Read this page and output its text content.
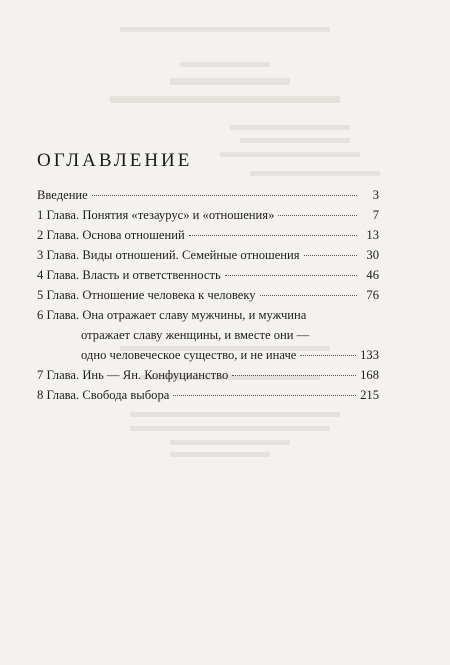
ОГЛАВЛЕНИЕ
Введение	3
1 Глава. Понятия «тезаурус» и «отношения»	7
2 Глава. Основа отношений	13
3 Глава. Виды отношений. Семейные отношения	30
4 Глава. Власть и ответственность	46
5 Глава. Отношение человека к человеку	76
6 Глава. Она отражает славу мужчины, и мужчина
отражает славу женщины, и вместе они —
одно человеческое существо, и не иначе	133
7 Глава. Инь — Ян. Конфуцианство	168
8 Глава. Свобода выбора	215
